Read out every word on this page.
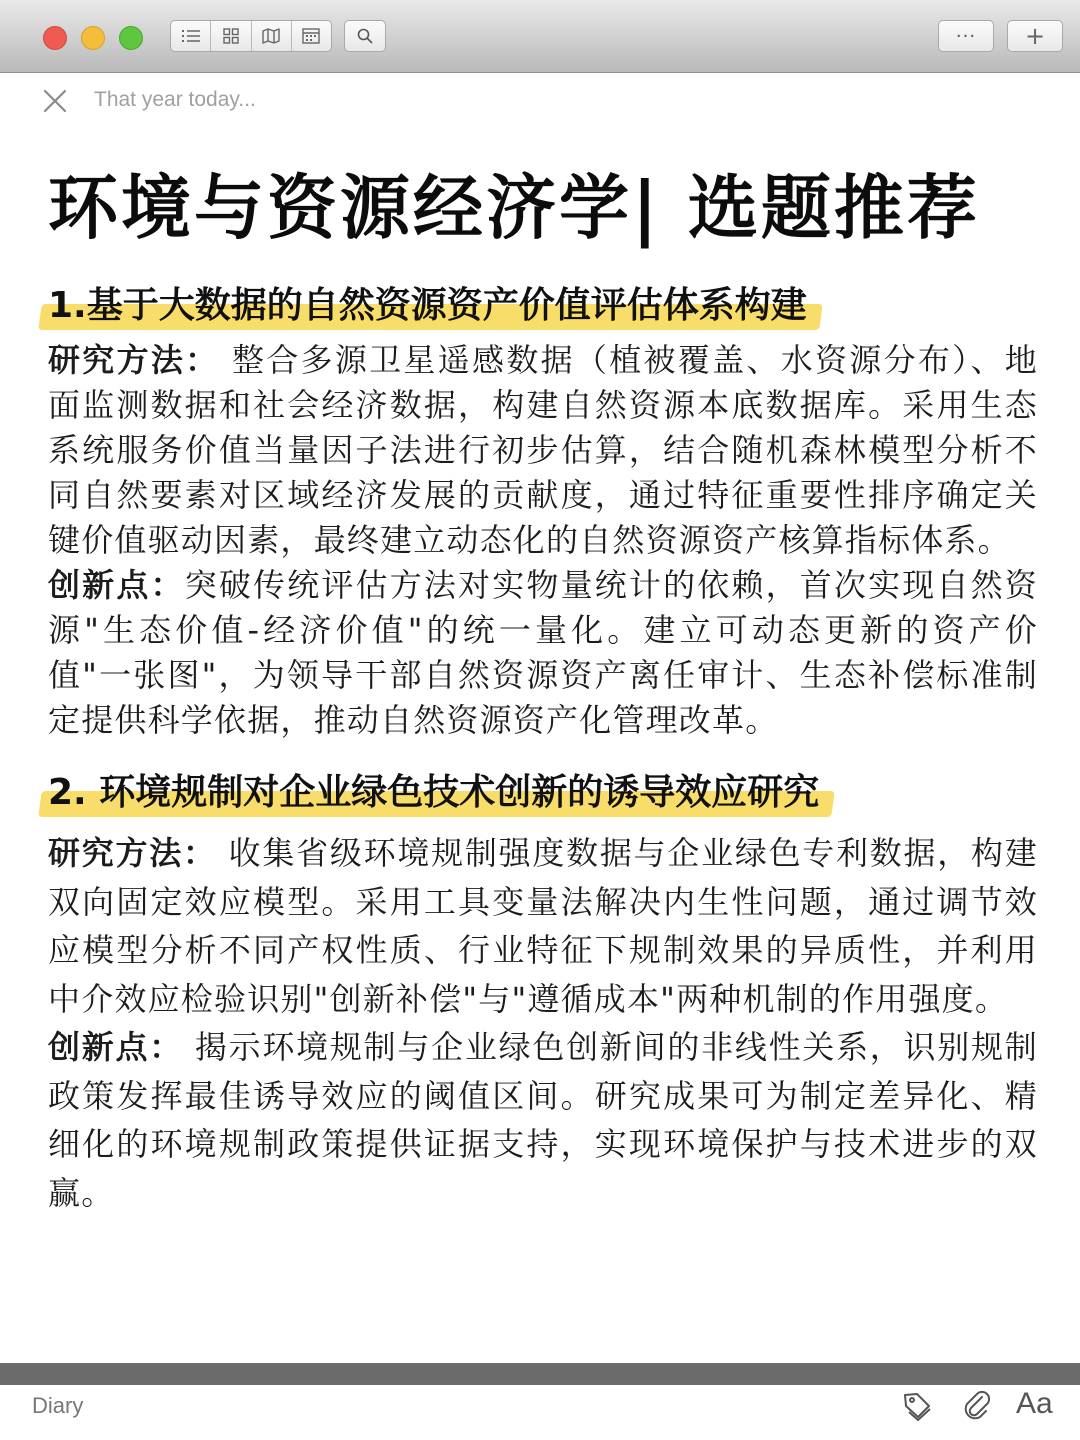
···	+
That year today...
环境与资源经济学| 选题推荐
1.基于大数据的自然资源资产价值评估体系构建

研究方法： 整合多源卫星遥感数据（植被覆盖、水资源分布）、地面监测数据和社会经济数据，构建自然资源本底数据库。采用生态系统服务价值当量因子法进行初步估算，结合随机森林模型分析不同自然要素对区域经济发展的贡献度，通过特征重要性排序确定关键价值驱动因素，最终建立动态化的自然资源资产核算指标体系。

创新点：突破传统评估方法对实物量统计的依赖，首次实现自然资源"生态价值-经济价值"的统一量化。建立可动态更新的资产价值"一张图"，为领导干部自然资源资产离任审计、生态补偿标准制定提供科学依据，推动自然资源资产化管理改革。

2. 环境规制对企业绿色技术创新的诱导效应研究

研究方法： 收集省级环境规制强度数据与企业绿色专利数据，构建双向固定效应模型。采用工具变量法解决内生性问题，通过调节效应模型分析不同产权性质、行业特征下规制效果的异质性，并利用中介效应检验识别"创新补偿"与"遵循成本"两种机制的作用强度。

创新点： 揭示环境规制与企业绿色创新间的非线性关系，识别规制政策发挥最佳诱导效应的阈值区间。研究成果可为制定差异化、精细化的环境规制政策提供证据支持，实现环境保护与技术进步的双赢。

Diary	Aa
